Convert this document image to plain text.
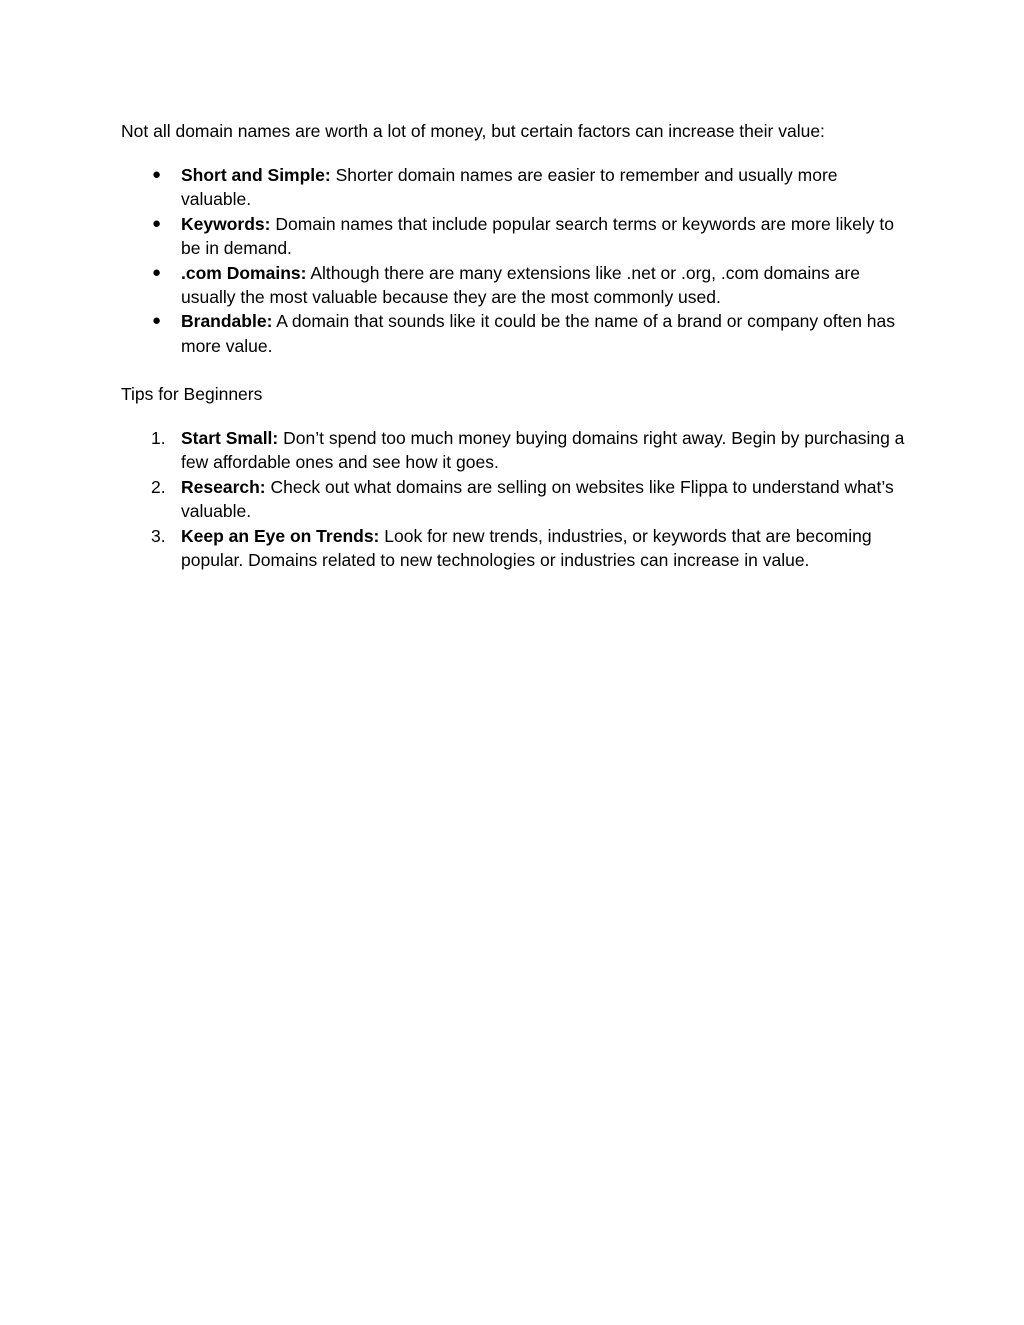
Not all domain names are worth a lot of money, but certain factors can increase their value:

●	Short and Simple: Shorter domain names are easier to remember and usually more valuable.
●	Keywords: Domain names that include popular search terms or keywords are more likely to be in demand.
●	.com Domains: Although there are many extensions like .net or .org, .com domains are usually the most valuable because they are the most commonly used.
●	Brandable: A domain that sounds like it could be the name of a brand or company often has more value.

Tips for Beginners

1. Start Small: Don’t spend too much money buying domains right away. Begin by purchasing a few affordable ones and see how it goes.
2. Research: Check out what domains are selling on websites like Flippa to understand what’s valuable.
3. Keep an Eye on Trends: Look for new trends, industries, or keywords that are becoming popular. Domains related to new technologies or industries can increase in value.
